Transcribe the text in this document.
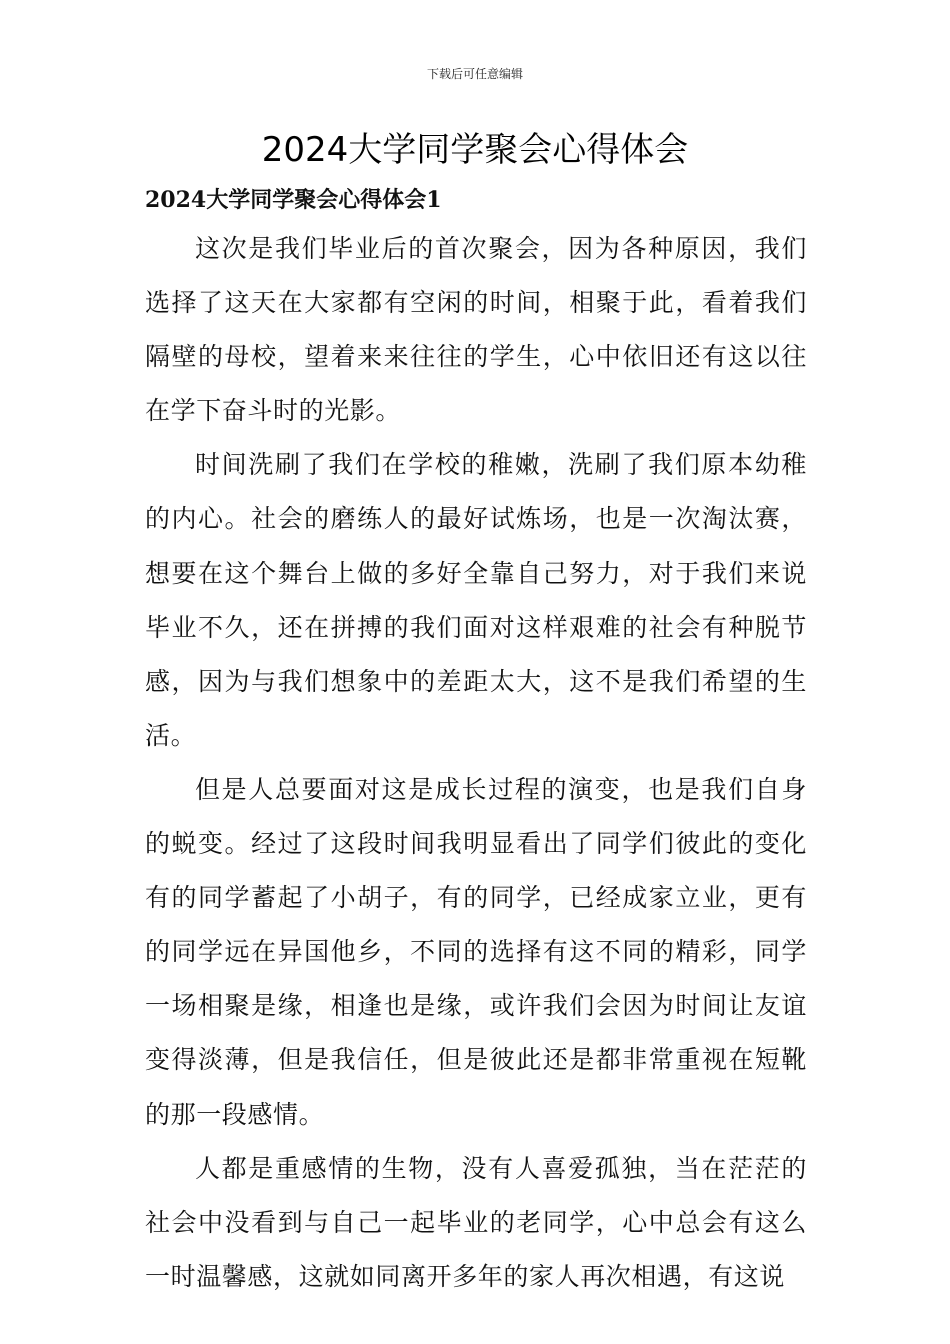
下载后可任意编辑
2024大学同学聚会心得体会
2024大学同学聚会心得体会1

这次是我们毕业后的首次聚会，因为各种原因，我们选择了这天在大家都有空闲的时间，相聚于此，看着我们隔壁的母校，望着来来往往的学生，心中依旧还有这以往在学下奋斗时的光影。

时间洗刷了我们在学校的稚嫩，洗刷了我们原本幼稚的内心。社会的磨练人的最好试炼场，也是一次淘汰赛，想要在这个舞台上做的多好全靠自己努力，对于我们来说毕业不久，还在拼搏的我们面对这样艰难的社会有种脱节感，因为与我们想象中的差距太大，这不是我们希望的生活。

但是人总要面对这是成长过程的演变，也是我们自身的蜕变。经过了这段时间我明显看出了同学们彼此的变化有的同学蓄起了小胡子，有的同学，已经成家立业，更有的同学远在异国他乡，不同的选择有这不同的精彩，同学一场相聚是缘，相逢也是缘，或许我们会因为时间让友谊变得淡薄，但是我信任，但是彼此还是都非常重视在短靴的那一段感情。

人都是重感情的生物，没有人喜爱孤独，当在茫茫的社会中没看到与自己一起毕业的老同学，心中总会有这么一时温馨感，这就如同离开多年的家人再次相遇，有这说
